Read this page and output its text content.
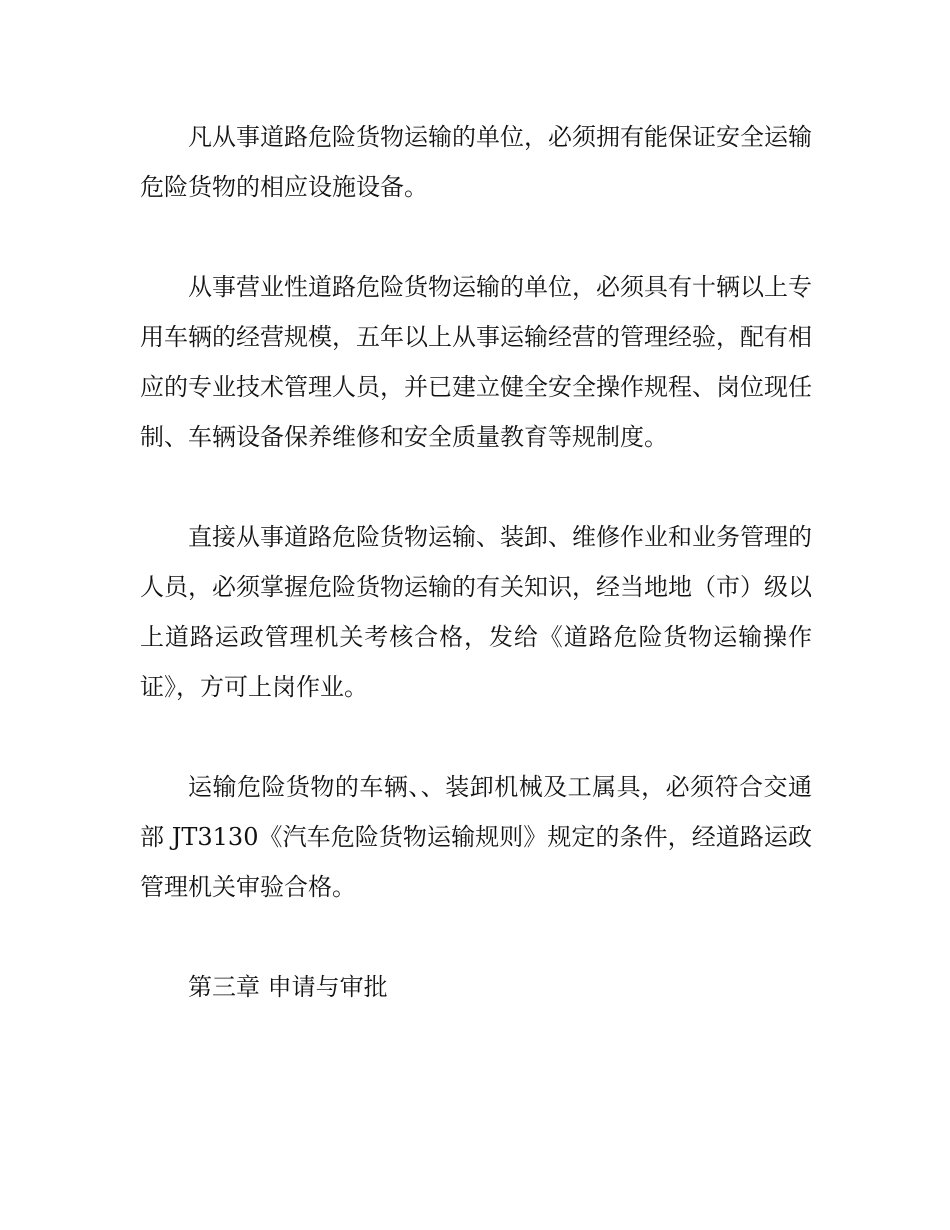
凡从事道路危险货物运输的单位，必须拥有能保证安全运输危险货物的相应设施设备。

从事营业性道路危险货物运输的单位，必须具有十辆以上专用车辆的经营规模，五年以上从事运输经营的管理经验，配有相应的专业技术管理人员，并已建立健全安全操作规程、岗位现任制、车辆设备保养维修和安全质量教育等规制度。

直接从事道路危险货物运输、装卸、维修作业和业务管理的人员，必须掌握危险货物运输的有关知识，经当地地（市）级以上道路运政管理机关考核合格，发给《道路危险货物运输操作证》，方可上岗作业。

运输危险货物的车辆、、装卸机械及工属具，必须符合交通部 JT3130《汽车危险货物运输规则》规定的条件，经道路运政管理机关审验合格。

第三章 申请与审批
